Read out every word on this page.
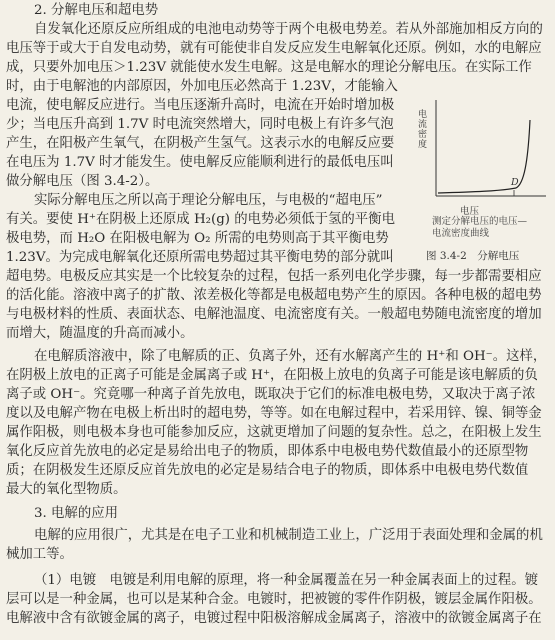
2. 分解电压和超电势
自发氧化还原反应所组成的电池电动势等于两个电极电势差。若从外部施加相反方向的
电压等于或大于自发电动势，就有可能使非自发反应发生电解氧化还原。例如，水的电解应
成，只要外加电压＞1.23V 就能使水发生电解。这是电解水的理论分解电压。在实际工作
时，由于电解池的内部原因，外加电压必然高于 1.23V，才能输入
电流，使电解反应进行。当电压逐渐升高时，电流在开始时增加极
少；当电压升高到 1.7V 时电流突然增大，同时电极上有许多气泡
产生，在阳极产生氧气，在阴极产生氢气。这表示水的电解反应要
在电压为 1.7V 时才能发生。使电解反应能顺利进行的最低电压叫
做分解电压（图 3.4-2）。
实际分解电压之所以高于理论分解电压，与电极的“超电压”
有关。要使 H⁺在阴极上还原成 H₂(g) 的电势必须低于氢的平衡电
极电势，而 H₂O 在阳极电解为 O₂ 所需的电势则高于其平衡电势
1.23V。为完成电解氧化还原所需电势超过其平衡电势的部分就叫
超电势。电极反应其实是一个比较复杂的过程，包括一系列电化学步骤，每一步都需要相应
的活化能。溶液中离子的扩散、浓差极化等都是电极超电势产生的原因。各种电极的超电势
与电极材料的性质、表面状态、电解池温度、电流密度有关。一般超电势随电流密度的增加
而增大，随温度的升高而减小。
在电解质溶液中，除了电解质的正、负离子外，还有水解离产生的 H⁺和 OH⁻。这样，
在阴极上放电的正离子可能是金属离子或 H⁺，在阳极上放电的负离子可能是该电解质的负
离子或 OH⁻。究竟哪一种离子首先放电，既取决于它们的标准电极电势，又取决于离子浓
度以及电解产物在电极上析出时的超电势，等等。如在电解过程中，若采用锌、镍、铜等金
属作阳极，则电极本身也可能参加反应，这就更增加了问题的复杂性。总之，在阳极上发生
氧化反应首先放电的必定是易给出电子的物质，即体系中电极电势代数值最小的还原型物
质；在阴极发生还原反应首先放电的必定是易结合电子的物质，即体系中电极电势代数值
最大的氧化型物质。
3. 电解的应用
电解的应用很广，尤其是在电子工业和机械制造工业上，广泛用于表面处理和金属的机
械加工等。
（1）电镀　电镀是利用电解的原理，将一种金属覆盖在另一种金属表面上的过程。镀
层可以是一种金属，也可以是某种合金。电镀时，把被镀的零件作阴极，镀层金属作阳极。
电解液中含有欲镀金属的离子，电镀过程中阳极溶解成金属离子，溶液中的欲镀金属离子在
电流密度
电压
D
测定分解电压的电压—电流密度曲线
图 3.4-2　分解电压
